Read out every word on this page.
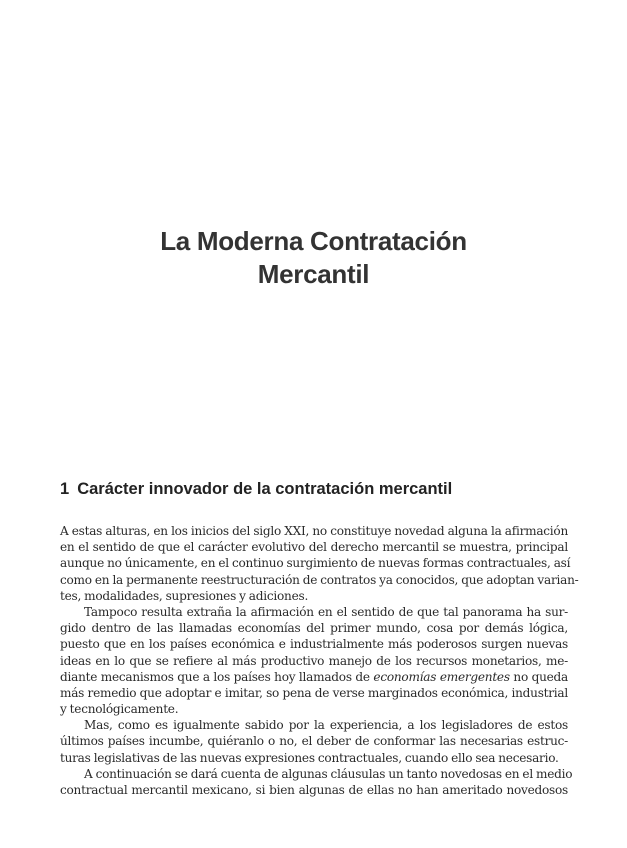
La Moderna Contratación
Mercantil
1 Carácter innovador de la contratación mercantil
A estas alturas, en los inicios del siglo XXI, no constituye novedad alguna la afirmación
en el sentido de que el carácter evolutivo del derecho mercantil se muestra, principal
aunque no únicamente, en el continuo surgimiento de nuevas formas contractuales, así
como en la permanente reestructuración de contratos ya conocidos, que adoptan varian-
tes, modalidades, supresiones y adiciones.
Tampoco resulta extraña la afirmación en el sentido de que tal panorama ha sur-
gido dentro de las llamadas economías del primer mundo, cosa por demás lógica,
puesto que en los países económica e industrialmente más poderosos surgen nuevas
ideas en lo que se refiere al más productivo manejo de los recursos monetarios, me-
diante mecanismos que a los países hoy llamados de economías emergentes no queda
más remedio que adoptar e imitar, so pena de verse marginados económica, industrial
y tecnológicamente.
Mas, como es igualmente sabido por la experiencia, a los legisladores de estos
últimos países incumbe, quiéranlo o no, el deber de conformar las necesarias estruc-
turas legislativas de las nuevas expresiones contractuales, cuando ello sea necesario.
A continuación se dará cuenta de algunas cláusulas un tanto novedosas en el medio
contractual mercantil mexicano, si bien algunas de ellas no han ameritado novedosos
